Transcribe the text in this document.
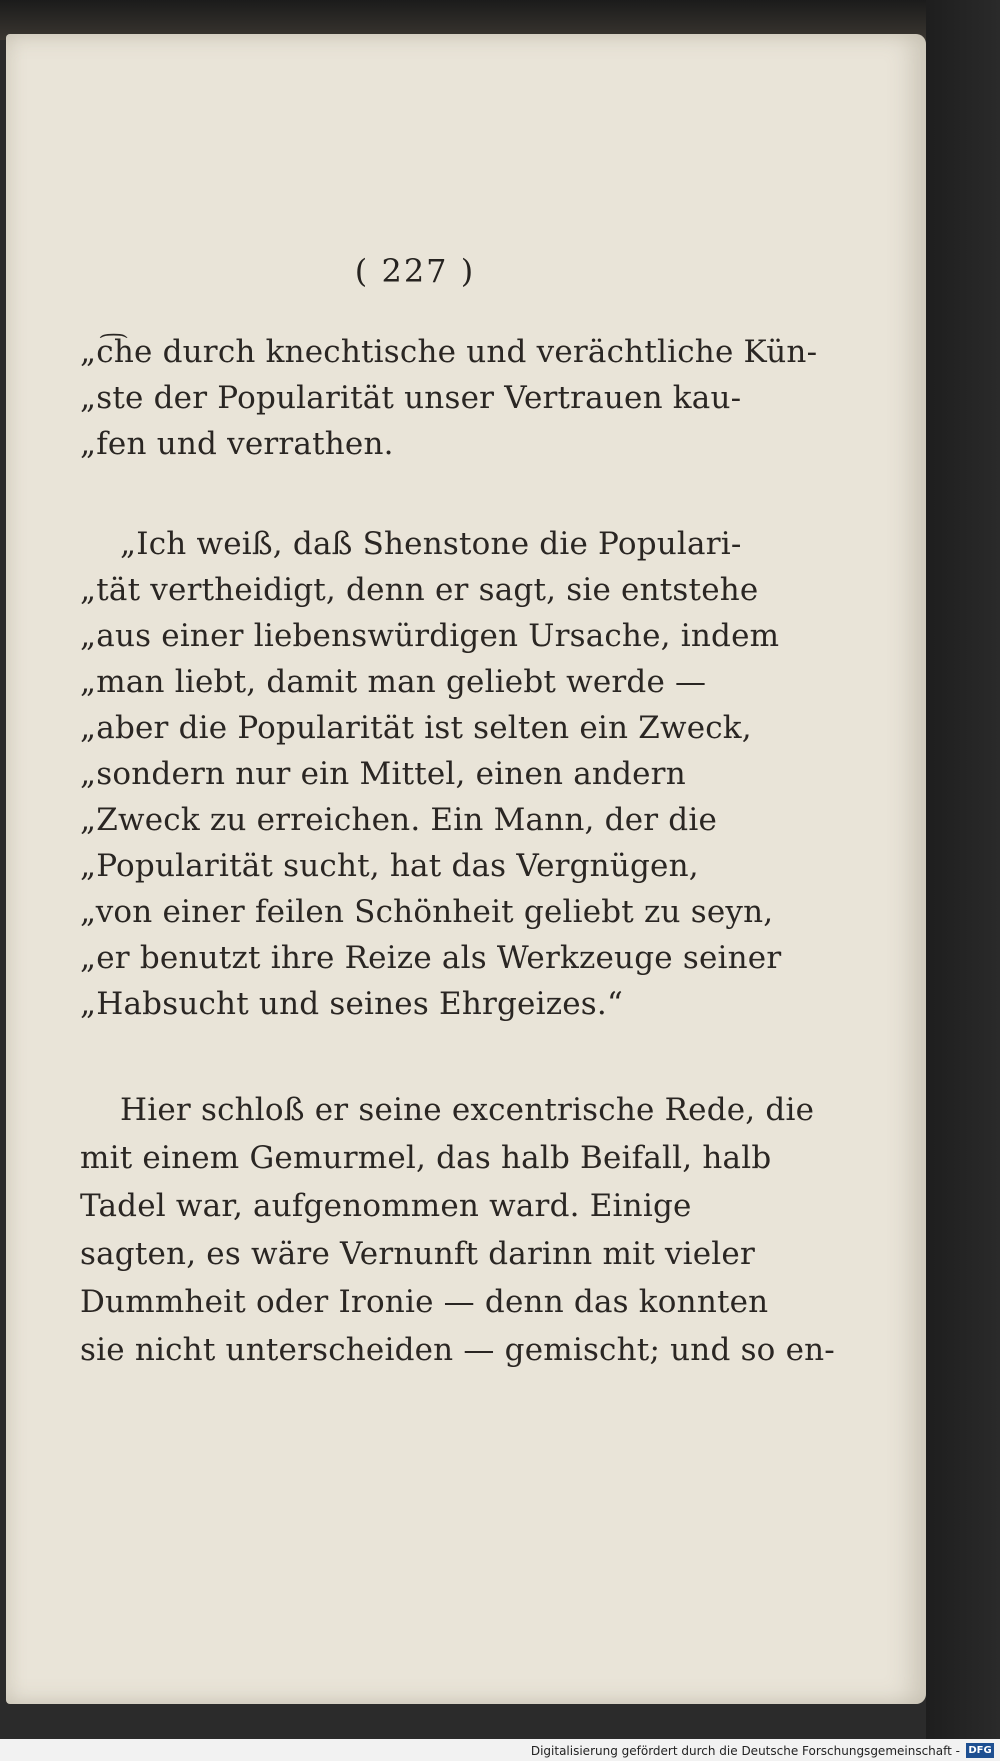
( 227 )
„c͡he durch knechtische und verächtliche Kün-
„ste der Popularität unser Vertrauen kau-
„fen und verrathen.
„Ich weiß, daß Shenstone die Populari-
„tät vertheidigt, denn er sagt, sie entstehe
„aus einer liebenswürdigen Ursache, indem
„man liebt, damit man geliebt werde —
„aber die Popularität ist selten ein Zweck,
„sondern nur ein Mittel, einen andern
„Zweck zu erreichen. Ein Mann, der die
„Popularität sucht, hat das Vergnügen,
„von einer feilen Schönheit geliebt zu seyn,
„er benutzt ihre Reize als Werkzeuge seiner
„Habsucht und seines Ehrgeizes.“
Hier schloß er seine excentrische Rede, die
mit einem Gemurmel, das halb Beifall, halb
Tadel war, aufgenommen ward. Einige
sagten, es wäre Vernunft darinn mit vieler
Dummheit oder Ironie — denn das konnten
sie nicht unterscheiden — gemischt; und so en-
Digitalisierung gefördert durch die Deutsche Forschungsgemeinschaft - DFG
